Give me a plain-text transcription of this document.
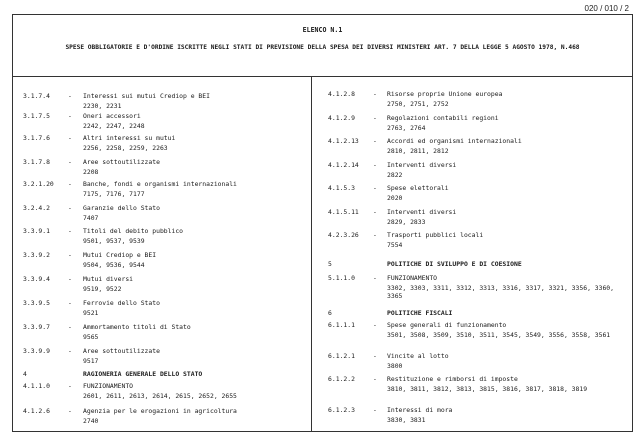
020 / 010 / 2
ELENCO N.1
SPESE OBBLIGATORIE E D'ORDINE ISCRITTE NEGLI STATI DI PREVISIONE DELLA SPESA DEI DIVERSI MINISTERI ART. 7 DELLA LEGGE 5 AGOSTO 1978, N.468
3.1.7.4	- Interessi sui mutui Crediop e BEI
2230, 2231
3.1.7.5	- Oneri accessori
2242, 2247, 2248
3.1.7.6	- Altri interessi su mutui
2256, 2258, 2259, 2263
3.1.7.8	- Aree sottoutilizzate
2208
3.2.1.20 - Banche, fondi e organismi internazionali
7175, 7176, 7177
3.2.4.2	- Garanzie dello Stato
7407
3.3.9.1	- Titoli del debito pubblico
9501, 9537, 9539
3.3.9.2	- Mutui Crediop e BEI
9504, 9536, 9544
3.3.9.4	- Mutui diversi
9519, 9522
3.3.9.5	- Ferrovie dello Stato
9521
3.3.9.7	- Ammortamento titoli di Stato
9565
3.3.9.9	- Aree sottoutilizzate
9517
4	RAGIONERIA GENERALE DELLO STATO
4.1.1.0	- FUNZIONAMENTO
2601, 2611, 2613, 2614, 2615, 2652, 2655
4.1.2.6	- Agenzia per le erogazioni in agricoltura
2740
4.1.2.8	- Risorse proprie Unione europea
2750, 2751, 2752
4.1.2.9	- Regolazioni contabili regioni
2763, 2764
4.1.2.13 - Accordi ed organismi internazionali
2810, 2811, 2812
4.1.2.14 - Interventi diversi
2822
4.1.5.3	- Spese elettorali
2020
4.1.5.11 - Interventi diversi
2829, 2833
4.2.3.26 - Trasporti pubblici locali
7554
5	POLITICHE DI SVILUPPO E DI COESIONE
5.1.1.0	- FUNZIONAMENTO
3302, 3303, 3311, 3312, 3313, 3316, 3317, 3321, 3356, 3360, 3365
6	POLITICHE FISCALI
6.1.1.1	- Spese generali di funzionamento
3501, 3508, 3509, 3510, 3511, 3545, 3549, 3556, 3558, 3561
6.1.2.1	- Vincite al lotto
3800
6.1.2.2	- Restituzione e rimborsi di imposte
3810, 3811, 3812, 3813, 3815, 3816, 3817, 3818, 3819
6.1.2.3	- Interessi di mora
3830, 3831
